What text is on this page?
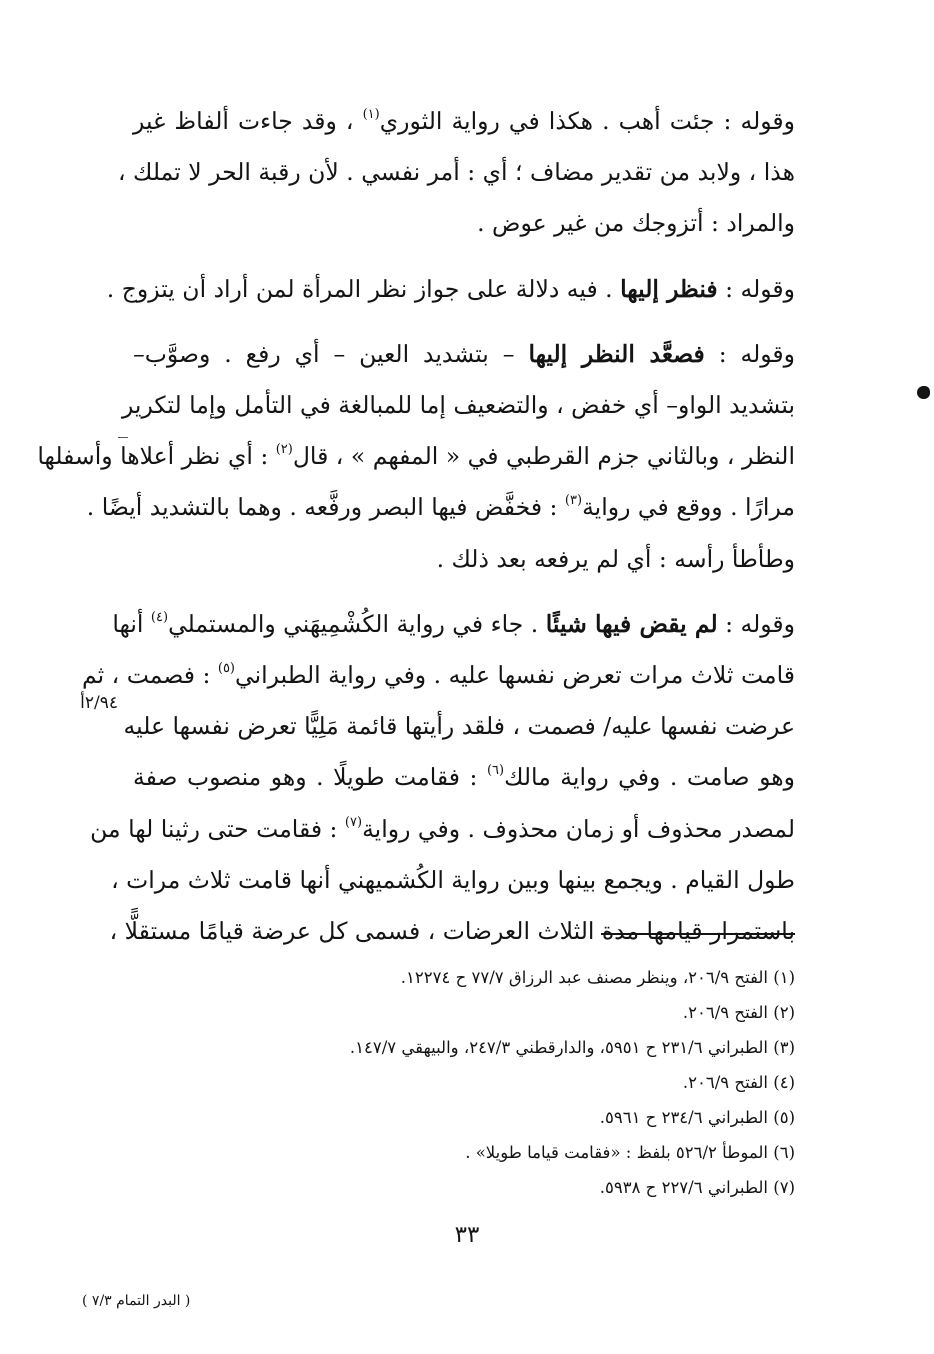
وقوله : جئت أهب . هكذا في رواية الثوري$^{(١)}$ ، وقد جاءت ألفاظ غير
هذا ، ولابد من تقدير مضاف ؛ أي : أمر نفسي . لأن رقبة الحر لا تملك ،
والمراد : أتزوجك من غير عوض .

وقوله : فنظر إليها . فيه دلالة على جواز نظر المرأة لمن أراد أن يتزوج .

وقوله : فصعَّد النظر إليها – بتشديد العين – أي رفع . وصوَّب–
بتشديد الواو– أي خفض ، والتضعيف إما للمبالغة في التأمل وإما لتكرير
النظر ، وبالثاني جزم القرطبي في « المفهم » ، قال$^{(٢)}$ : أي نظر أعلاها وأسفلها
مرارًا . ووقع في رواية$^{(٣)}$ : فخفَّض فيها البصر ورفَّعه . وهما بالتشديد أيضًا .
وطأطأ رأسه : أي لم يرفعه بعد ذلك .

وقوله : لم يقض فيها شيئًا . جاء في رواية الكُشْمِيهَني والمستملي$^{(٤)}$ أنها
قامت ثلاث مرات تعرض نفسها عليه . وفي رواية الطبراني$^{(٥)}$ : فصمت ، ثم
عرضت نفسها عليه/ فصمت ، فلقد رأيتها قائمة مَلِيًّا تعرض نفسها عليه
وهو صامت . وفي رواية مالك$^{(٦)}$ : فقامت طويلًا . وهو منصوب صفة
لمصدر محذوف أو زمان محذوف . وفي رواية$^{(٧)}$ : فقامت حتى رثينا لها من
طول القيام . ويجمع بينها وبين رواية الكُشميهني أنها قامت ثلاث مرات ،
باستمرار قيامها مدة الثلاث العرضات ، فسمى كل عرضة قيامًا مستقلًّا ،

٢/٩٤أ
(١) الفتح ٢٠٦/٩، وينظر مصنف عبد الرزاق ٧٧/٧ ح ١٢٢٧٤.
(٢) الفتح ٢٠٦/٩.
(٣) الطبراني ٢٣١/٦ ح ٥٩٥١، والدارقطني ٢٤٧/٣، والبيهقي ١٤٧/٧.
(٤) الفتح ٢٠٦/٩.
(٥) الطبراني ٢٣٤/٦ ح ٥٩٦١.
(٦) الموطأ ٥٢٦/٢ بلفظ : «فقامت قياما طويلا» .
(٧) الطبراني ٢٢٧/٦ ح ٥٩٣٨.
٣٣
( البدر التمام ٧/٣ )
